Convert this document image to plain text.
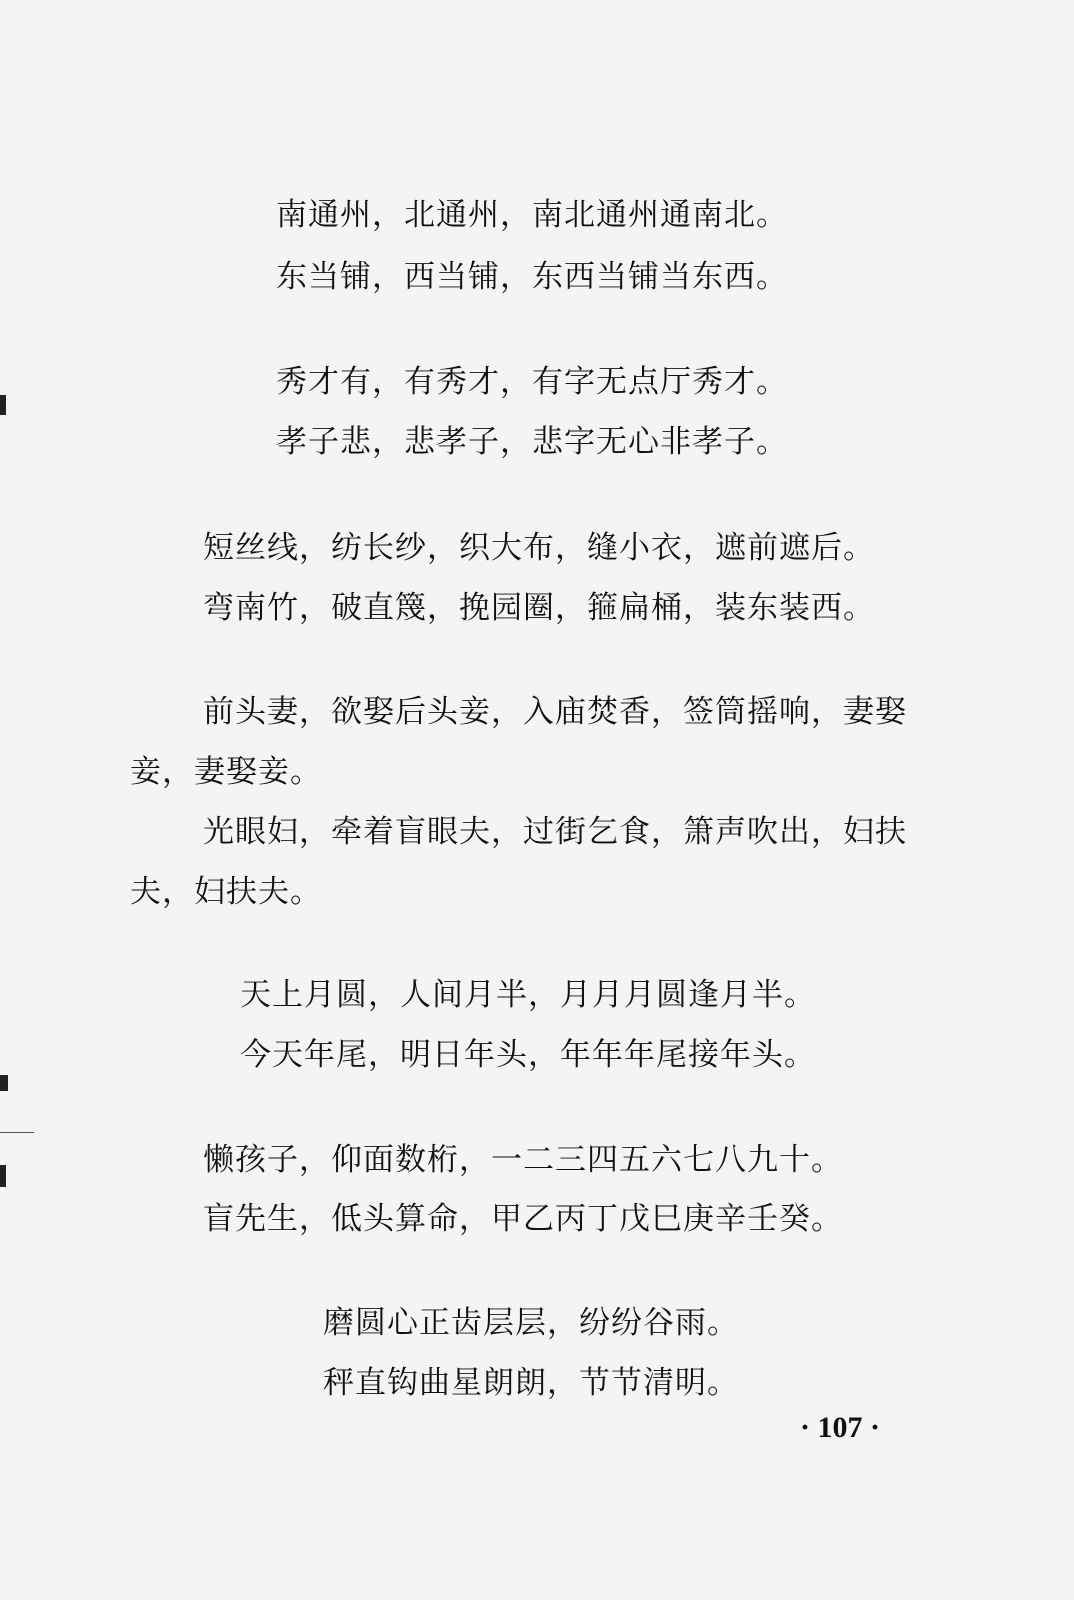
南通州，北通州，南北通州通南北。
东当铺，西当铺，东西当铺当东西。
秀才有，有秀才，有字无点厅秀才。
孝子悲，悲孝子，悲字无心非孝子。
短丝线，纺长纱，织大布，缝小衣，遮前遮后。
弯南竹，破直篾，挽园圈，箍扁桶，装东装西。
前头妻，欲娶后头妾，入庙焚香，签筒摇响，妻娶
妾，妻娶妾。
光眼妇，牵着盲眼夫，过街乞食，箫声吹出，妇扶
夫，妇扶夫。
天上月圆，人间月半，月月月圆逢月半。
今天年尾，明日年头，年年年尾接年头。
懒孩子，仰面数桁，一二三四五六七八九十。
盲先生，低头算命，甲乙丙丁戊巳庚辛壬癸。
磨圆心正齿层层，纷纷谷雨。
秤直钩曲星朗朗，节节清明。
· 107 ·
